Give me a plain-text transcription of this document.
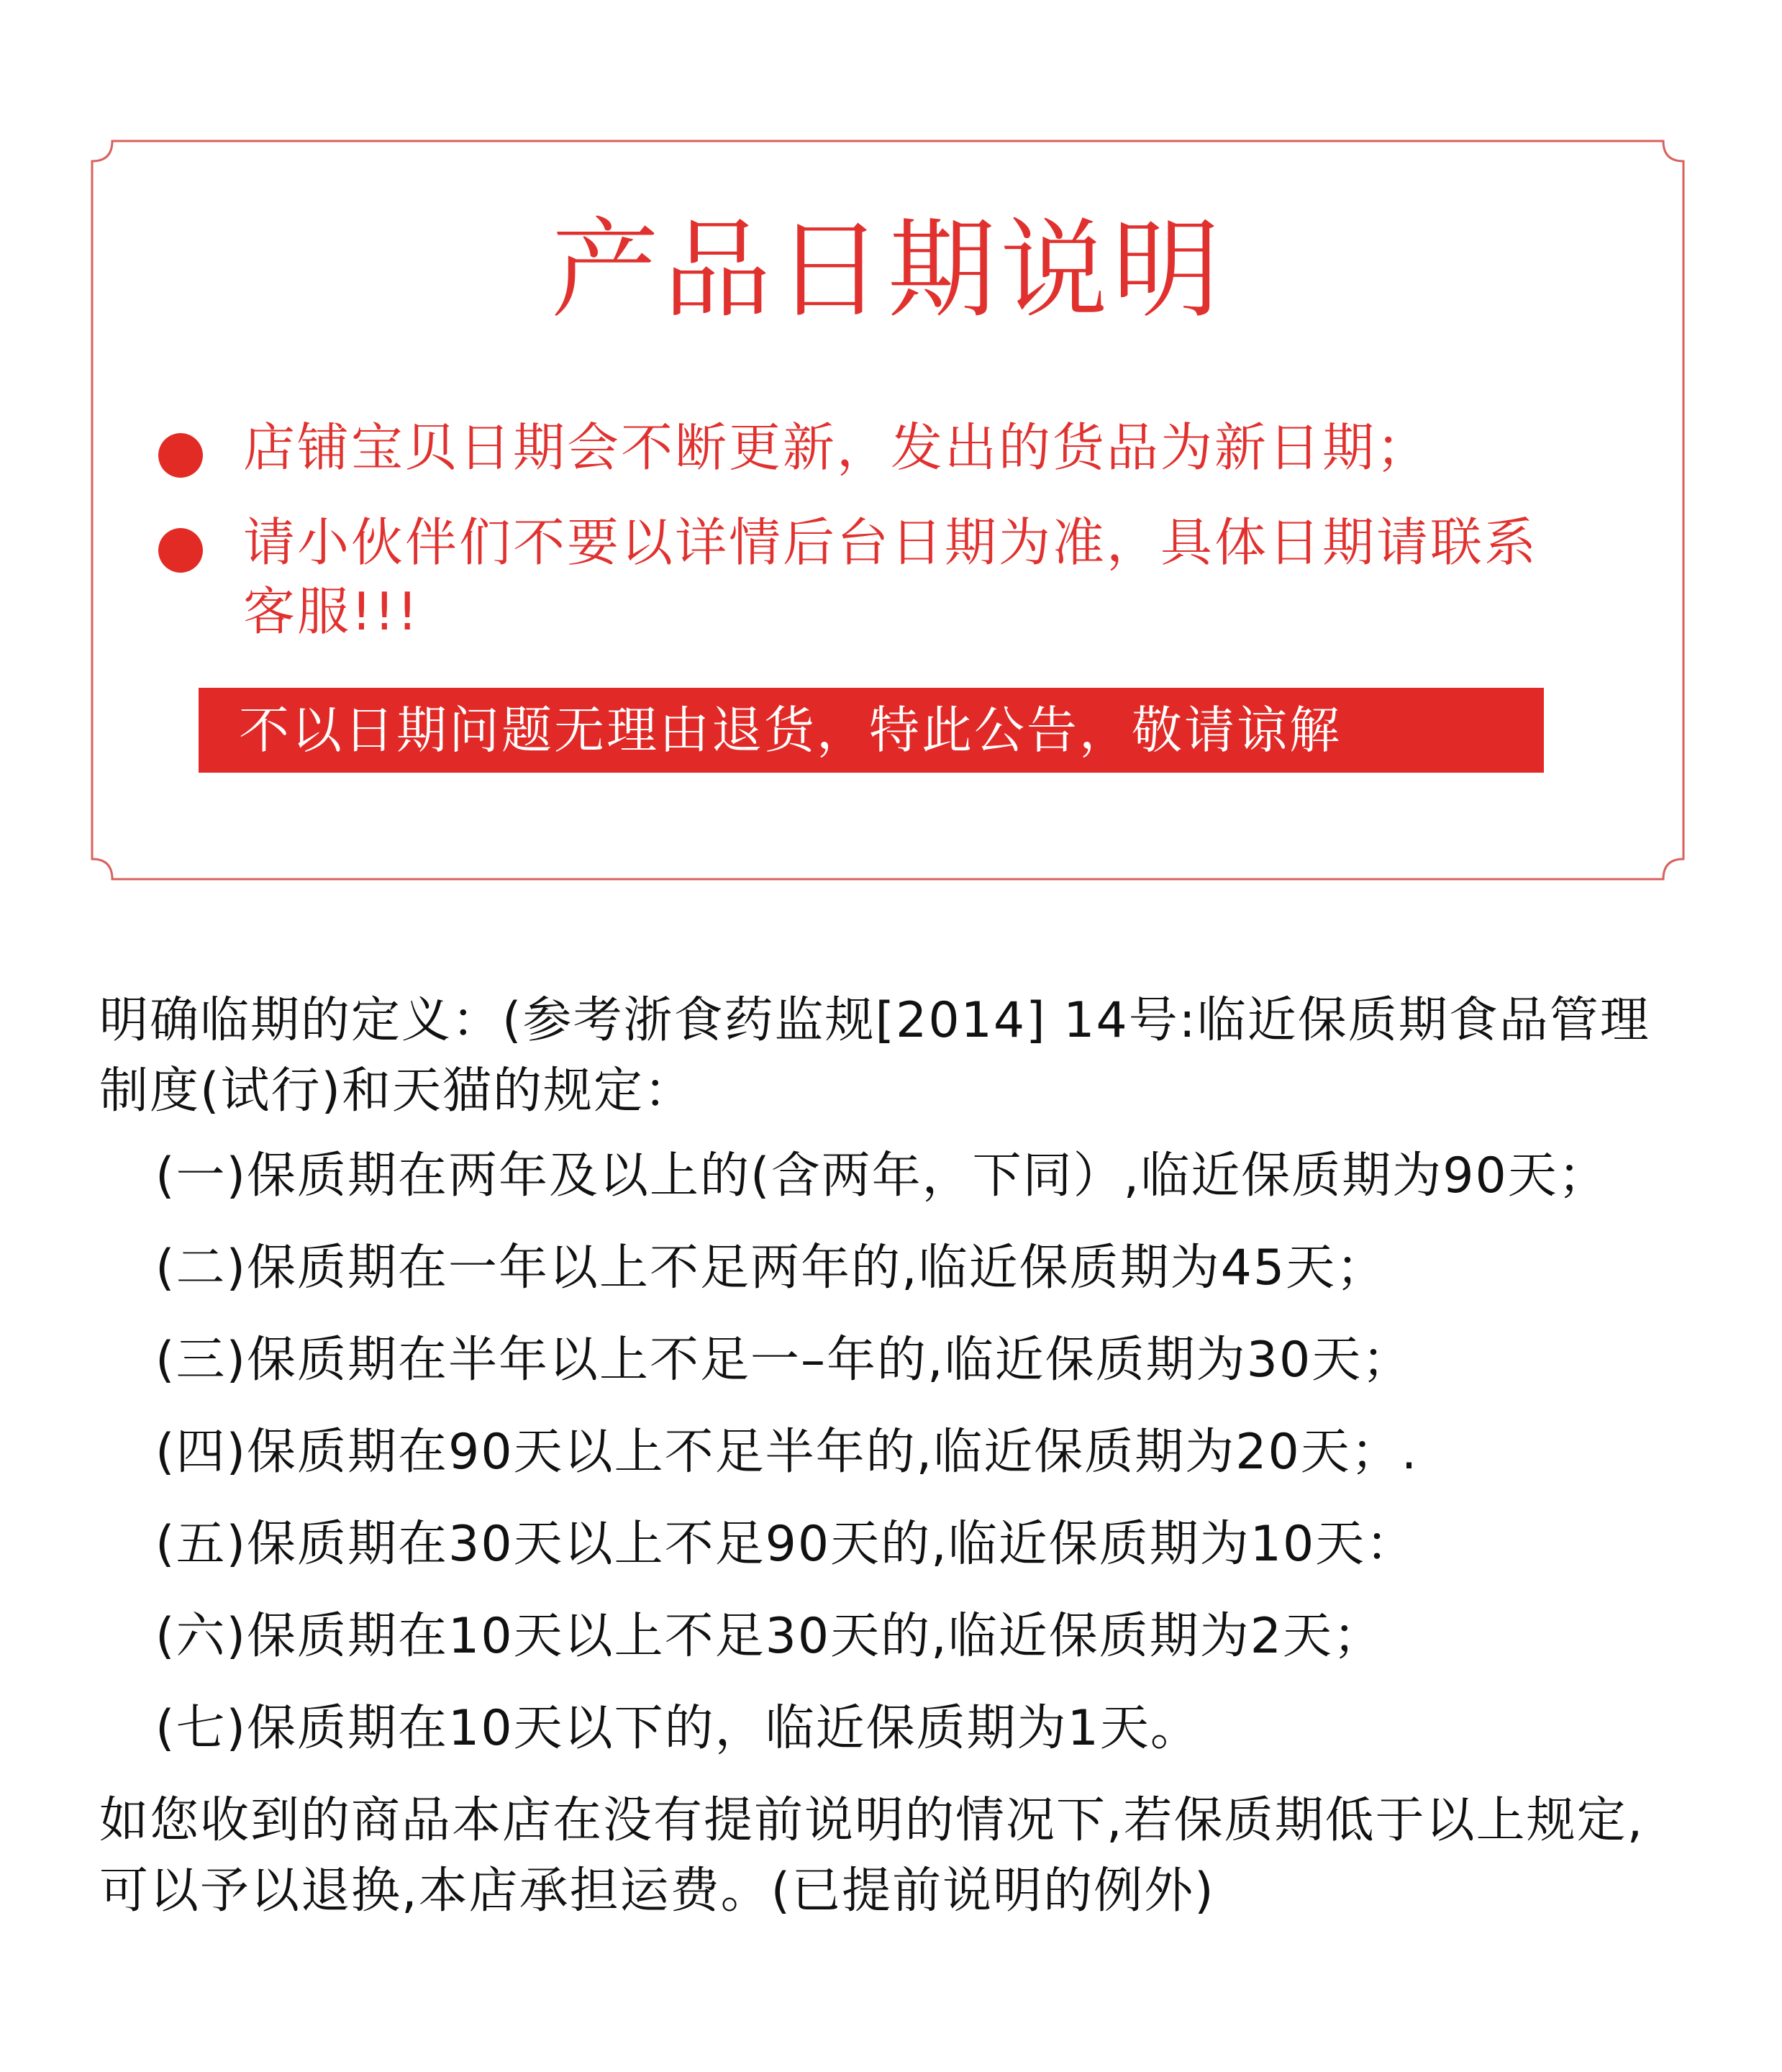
产品日期说明
店铺宝贝日期会不断更新，发出的货品为新日期；
请小伙伴们不要以详情后台日期为准，具体日期请联系客服!!!
不以日期问题无理由退货，特此公告，敬请谅解

明确临期的定义：(参考浙食药监规[2014] 14号:临近保质期食品管理制度(试行)和天猫的规定：

(一)保质期在两年及以上的(含两年，下同）,临近保质期为90天；

(二)保质期在一年以上不足两年的,临近保质期为45天；

(三)保质期在半年以上不足一–年的,临近保质期为30天；

(四)保质期在90天以上不足半年的,临近保质期为20天；.

(五)保质期在30天以上不足90天的,临近保质期为10天：

(六)保质期在10天以上不足30天的,临近保质期为2天；

(七)保质期在10天以下的，临近保质期为1天。

如您收到的商品本店在没有提前说明的情况下,若保质期低于以上规定,可以予以退换,本店承担运费。(已提前说明的例外)
